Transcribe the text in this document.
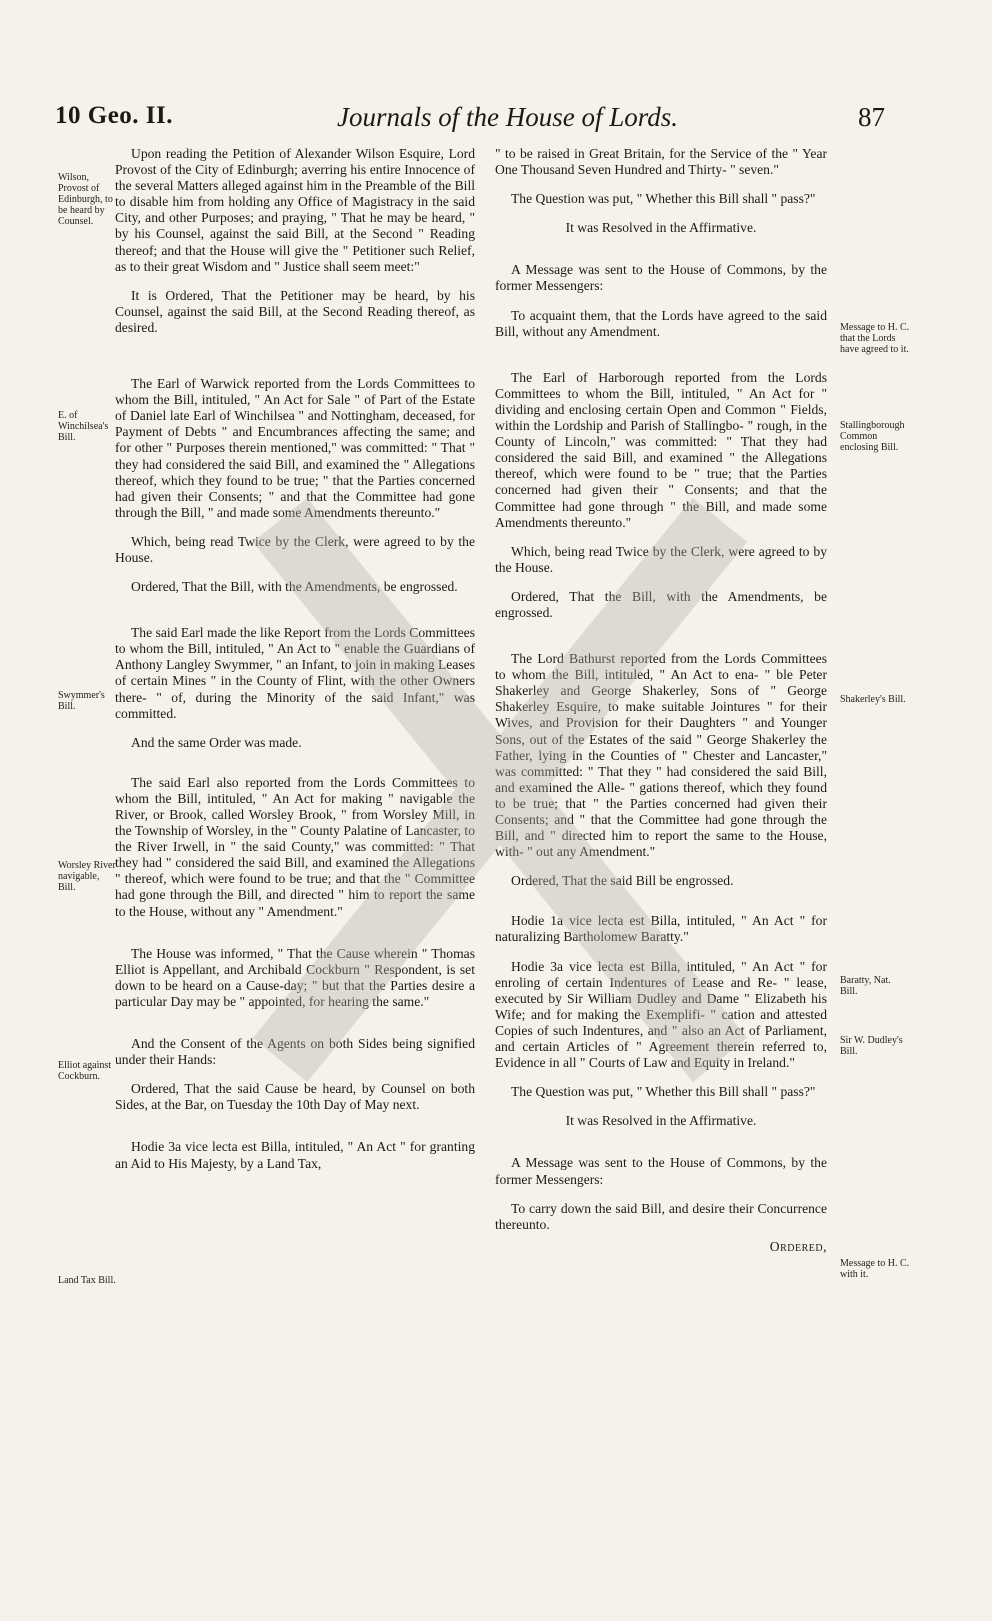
10 Geo. II.	Journals of the House of Lords.	87
Wilson, Provost of Edinburgh, to be heard by Counsel.
E. of Winchilsea's Bill.
Swymmer's Bill.
Worsley River navigable, Bill.
Elliot against Cockburn.
Land Tax Bill.
Message to H. C. that the Lords have agreed to it.
Stallingborough Common enclosing Bill.
Shakerley's Bill.
Baratty, Nat. Bill.
Sir W. Dudley's Bill.
Message to H. C. with it.

Upon reading the Petition of Alexander Wilson Esquire, Lord Provost of the City of Edinburgh; averring his entire Innocence of the several Matters alleged against him in the Preamble of the Bill to disable him from holding any Office of Magistracy in the said City, and other Purposes; and praying, " That he may be heard, " by his Counsel, against the said Bill, at the Second " Reading thereof; and that the House will give the " Petitioner such Relief, as to their great Wisdom and " Justice shall seem meet:"

It is Ordered, That the Petitioner may be heard, by his Counsel, against the said Bill, at the Second Reading thereof, as desired.

The Earl of Warwick reported from the Lords Committees to whom the Bill, intituled, " An Act for Sale " of Part of the Estate of Daniel late Earl of Winchilsea " and Nottingham, deceased, for Payment of Debts " and Encumbrances affecting the same; and for other " Purposes therein mentioned," was committed: " That " they had considered the said Bill, and examined the " Allegations thereof, which they found to be true; " that the Parties concerned had given their Consents; " and that the Committee had gone through the Bill, " and made some Amendments thereunto."

Which, being read Twice by the Clerk, were agreed to by the House.

Ordered, That the Bill, with the Amendments, be engrossed.

The said Earl made the like Report from the Lords Committees to whom the Bill, intituled, " An Act to " enable the Guardians of Anthony Langley Swymmer, " an Infant, to join in making Leases of certain Mines " in the County of Flint, with the other Owners there- " of, during the Minority of the said Infant," was committed.

And the same Order was made.

The said Earl also reported from the Lords Committees to whom the Bill, intituled, " An Act for making " navigable the River, or Brook, called Worsley Brook, " from Worsley Mill, in the Township of Worsley, in the " County Palatine of Lancaster, to the River Irwell, in " the said County," was committed: " That they had " considered the said Bill, and examined the Allegations " thereof, which were found to be true; and that the " Committee had gone through the Bill, and directed " him to report the same to the House, without any " Amendment."

The House was informed, " That the Cause wherein " Thomas Elliot is Appellant, and Archibald Cockburn " Respondent, is set down to be heard on a Cause-day; " but that the Parties desire a particular Day may be " appointed, for hearing the same."

And the Consent of the Agents on both Sides being signified under their Hands:

Ordered, That the said Cause be heard, by Counsel on both Sides, at the Bar, on Tuesday the 10th Day of May next.

Hodie 3a vice lecta est Billa, intituled, " An Act " for granting an Aid to His Majesty, by a Land Tax,

" to be raised in Great Britain, for the Service of the " Year One Thousand Seven Hundred and Thirty- " seven."

The Question was put, " Whether this Bill shall " pass?"

It was Resolved in the Affirmative.

A Message was sent to the House of Commons, by the former Messengers:

To acquaint them, that the Lords have agreed to the said Bill, without any Amendment.

The Earl of Harborough reported from the Lords Committees to whom the Bill, intituled, " An Act for " dividing and enclosing certain Open and Common " Fields, within the Lordship and Parish of Stallingbo- " rough, in the County of Lincoln," was committed: " That they had considered the said Bill, and examined " the Allegations thereof, which were found to be " true; that the Parties concerned had given their " Consents; and that the Committee had gone through " the Bill, and made some Amendments thereunto."

Which, being read Twice by the Clerk, were agreed to by the House.

Ordered, That the Bill, with the Amendments, be engrossed.

The Lord Bathurst reported from the Lords Committees to whom the Bill, intituled, " An Act to ena- " ble Peter Shakerley and George Shakerley, Sons of " George Shakerley Esquire, to make suitable Jointures " for their Wives, and Provision for their Daughters " and Younger Sons, out of the Estates of the said " George Shakerley the Father, lying in the Counties of " Chester and Lancaster," was committed: " That they " had considered the said Bill, and examined the Alle- " gations thereof, which they found to be true; that " the Parties concerned had given their Consents; and " that the Committee had gone through the Bill, and " directed him to report the same to the House, with- " out any Amendment."

Ordered, That the said Bill be engrossed.

Hodie 1a vice lecta est Billa, intituled, " An Act " for naturalizing Bartholomew Baratty."

Hodie 3a vice lecta est Billa, intituled, " An Act " for enroling of certain Indentures of Lease and Re- " lease, executed by Sir William Dudley and Dame " Elizabeth his Wife; and for making the Exemplifi- " cation and attested Copies of such Indentures, and " also an Act of Parliament, and certain Articles of " Agreement therein referred to, Evidence in all " Courts of Law and Equity in Ireland."

The Question was put, " Whether this Bill shall " pass?"

It was Resolved in the Affirmative.

A Message was sent to the House of Commons, by the former Messengers:

To carry down the said Bill, and desire their Concurrence thereunto.

Ordered,
